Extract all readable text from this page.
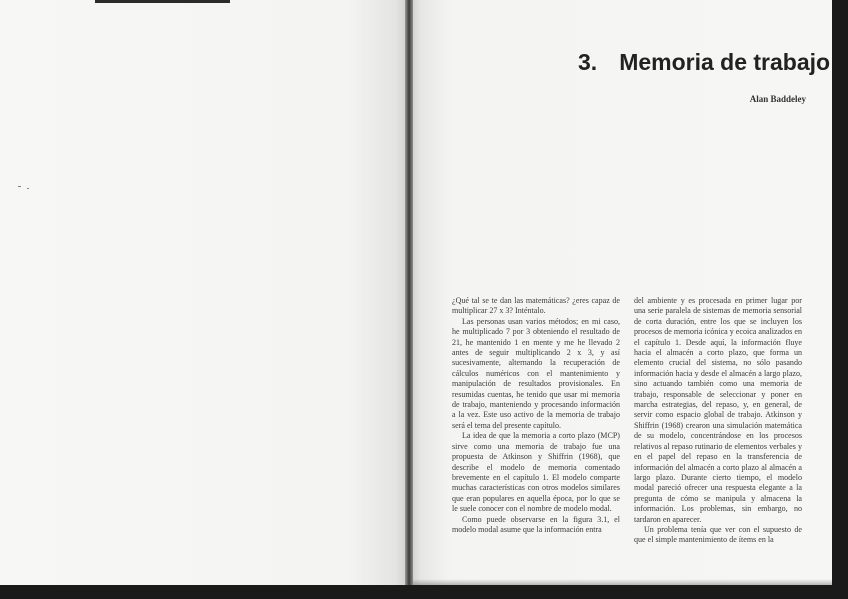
3. Memoria de trabajo
Alan Baddeley

¿Qué tal se te dan las matemáticas? ¿eres capaz de multiplicar 27 x 3? Inténtalo.

Las personas usan varios métodos; en mi caso, he multiplicado 7 por 3 obteniendo el resultado de 21, he mantenido 1 en mente y me he llevado 2 antes de seguir multiplicando 2 x 3, y así sucesivamente, alternando la recuperación de cálculos numéricos con el mantenimiento y manipulación de resultados provisionales. En resumidas cuentas, he tenido que usar mi memoria de trabajo, manteniendo y procesando información a la vez. Este uso activo de la memoria de trabajo será el tema del presente capítulo.

La idea de que la memoria a corto plazo (MCP) sirve como una memoria de trabajo fue una propuesta de Atkinson y Shiffrin (1968), que describe el modelo de memoria comentado brevemente en el capítulo 1. El modelo comparte muchas características con otros modelos similares que eran populares en aquella época, por lo que se le suele conocer con el nombre de modelo modal.

Como puede observarse en la figura 3.1, el modelo modal asume que la información entra

del ambiente y es procesada en primer lugar por una serie paralela de sistemas de memoria sensorial de corta duración, entre los que se incluyen los procesos de memoria icónica y ecoica analizados en el capítulo 1. Desde aquí, la información fluye hacia el almacén a corto plazo, que forma un elemento crucial del sistema, no sólo pasando información hacia y desde el almacén a largo plazo, sino actuando también como una memoria de trabajo, responsable de seleccionar y poner en marcha estrategias, del repaso, y, en general, de servir como espacio global de trabajo. Atkinson y Shiffrin (1968) crearon una simulación matemática de su modelo, concentrándose en los procesos relativos al repaso rutinario de elementos verbales y en el papel del repaso en la transferencia de información del almacén a corto plazo al almacén a largo plazo. Durante cierto tiempo, el modelo modal pareció ofrecer una respuesta elegante a la pregunta de cómo se manipula y almacena la información. Los problemas, sin embargo, no tardaron en aparecer.

Un problema tenía que ver con el supuesto de que el simple mantenimiento de ítems en la
